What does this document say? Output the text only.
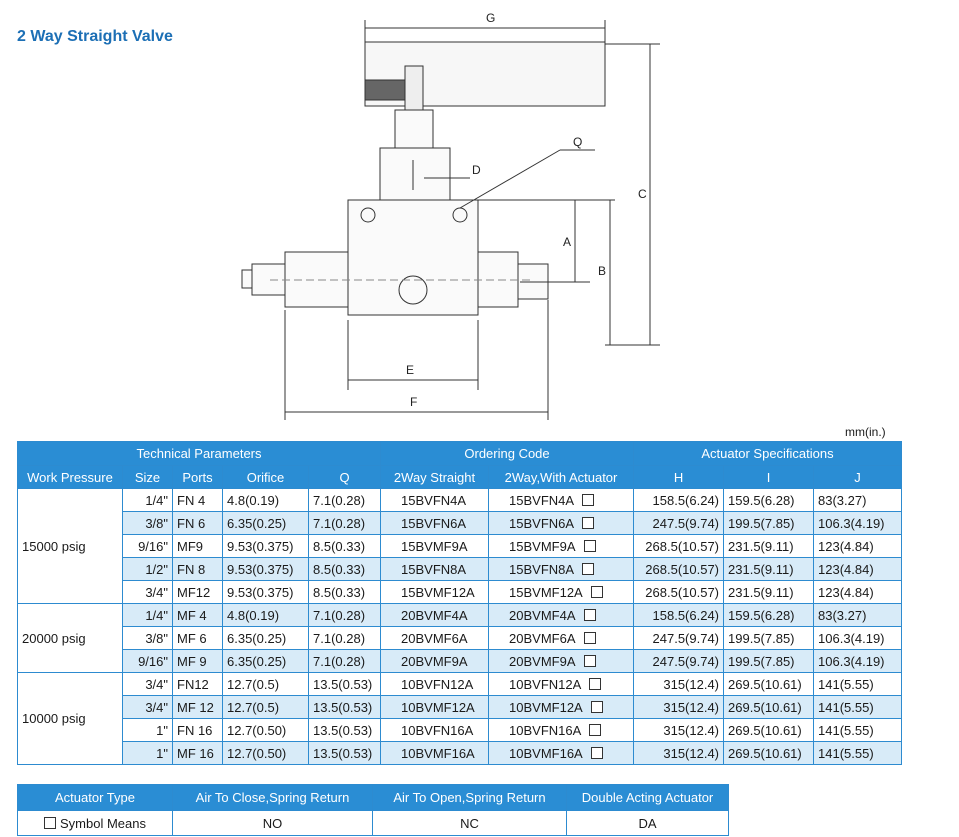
2 Way Straight Valve
G
Q
D
C
A
B
E
F
mm(in.)
Technical Parameters					Ordering Code		Actuator Specifications		
Work Pressure	Size	Ports	Orifice	Q	2Way Straight	2Way,With Actuator	H	I	J
15000 psig	1/4"	FN 4	4.8(0.19)	7.1(0.28)	15BVFN4A	15BVFN4A	158.5(6.24)	159.5(6.28)	83(3.27)
	3/8"	FN 6	6.35(0.25)	7.1(0.28)	15BVFN6A	15BVFN6A	247.5(9.74)	199.5(7.85)	106.3(4.19)
	9/16"	MF9	9.53(0.375)	8.5(0.33)	15BVMF9A	15BVMF9A	268.5(10.57)	231.5(9.11)	123(4.84)
	1/2"	FN 8	9.53(0.375)	8.5(0.33)	15BVFN8A	15BVFN8A	268.5(10.57)	231.5(9.11)	123(4.84)
	3/4"	MF12	9.53(0.375)	8.5(0.33)	15BVMF12A	15BVMF12A	268.5(10.57)	231.5(9.11)	123(4.84)
20000 psig	1/4"	MF 4	4.8(0.19)	7.1(0.28)	20BVMF4A	20BVMF4A	158.5(6.24)	159.5(6.28)	83(3.27)
	3/8"	MF 6	6.35(0.25)	7.1(0.28)	20BVMF6A	20BVMF6A	247.5(9.74)	199.5(7.85)	106.3(4.19)
	9/16"	MF 9	6.35(0.25)	7.1(0.28)	20BVMF9A	20BVMF9A	247.5(9.74)	199.5(7.85)	106.3(4.19)
10000 psig	3/4"	FN12	12.7(0.5)	13.5(0.53)	10BVFN12A	10BVFN12A	315(12.4)	269.5(10.61)	141(5.55)
	3/4"	MF 12	12.7(0.5)	13.5(0.53)	10BVMF12A	10BVMF12A	315(12.4)	269.5(10.61)	141(5.55)
	1"	FN 16	12.7(0.50)	13.5(0.53)	10BVFN16A	10BVFN16A	315(12.4)	269.5(10.61)	141(5.55)
	1"	MF 16	12.7(0.50)	13.5(0.53)	10BVMF16A	10BVMF16A	315(12.4)	269.5(10.61)	141(5.55)
Actuator Type	Air To Close,Spring Return	Air To Open,Spring Return	Double Acting Actuator
Symbol Means	NO	NC	DA
